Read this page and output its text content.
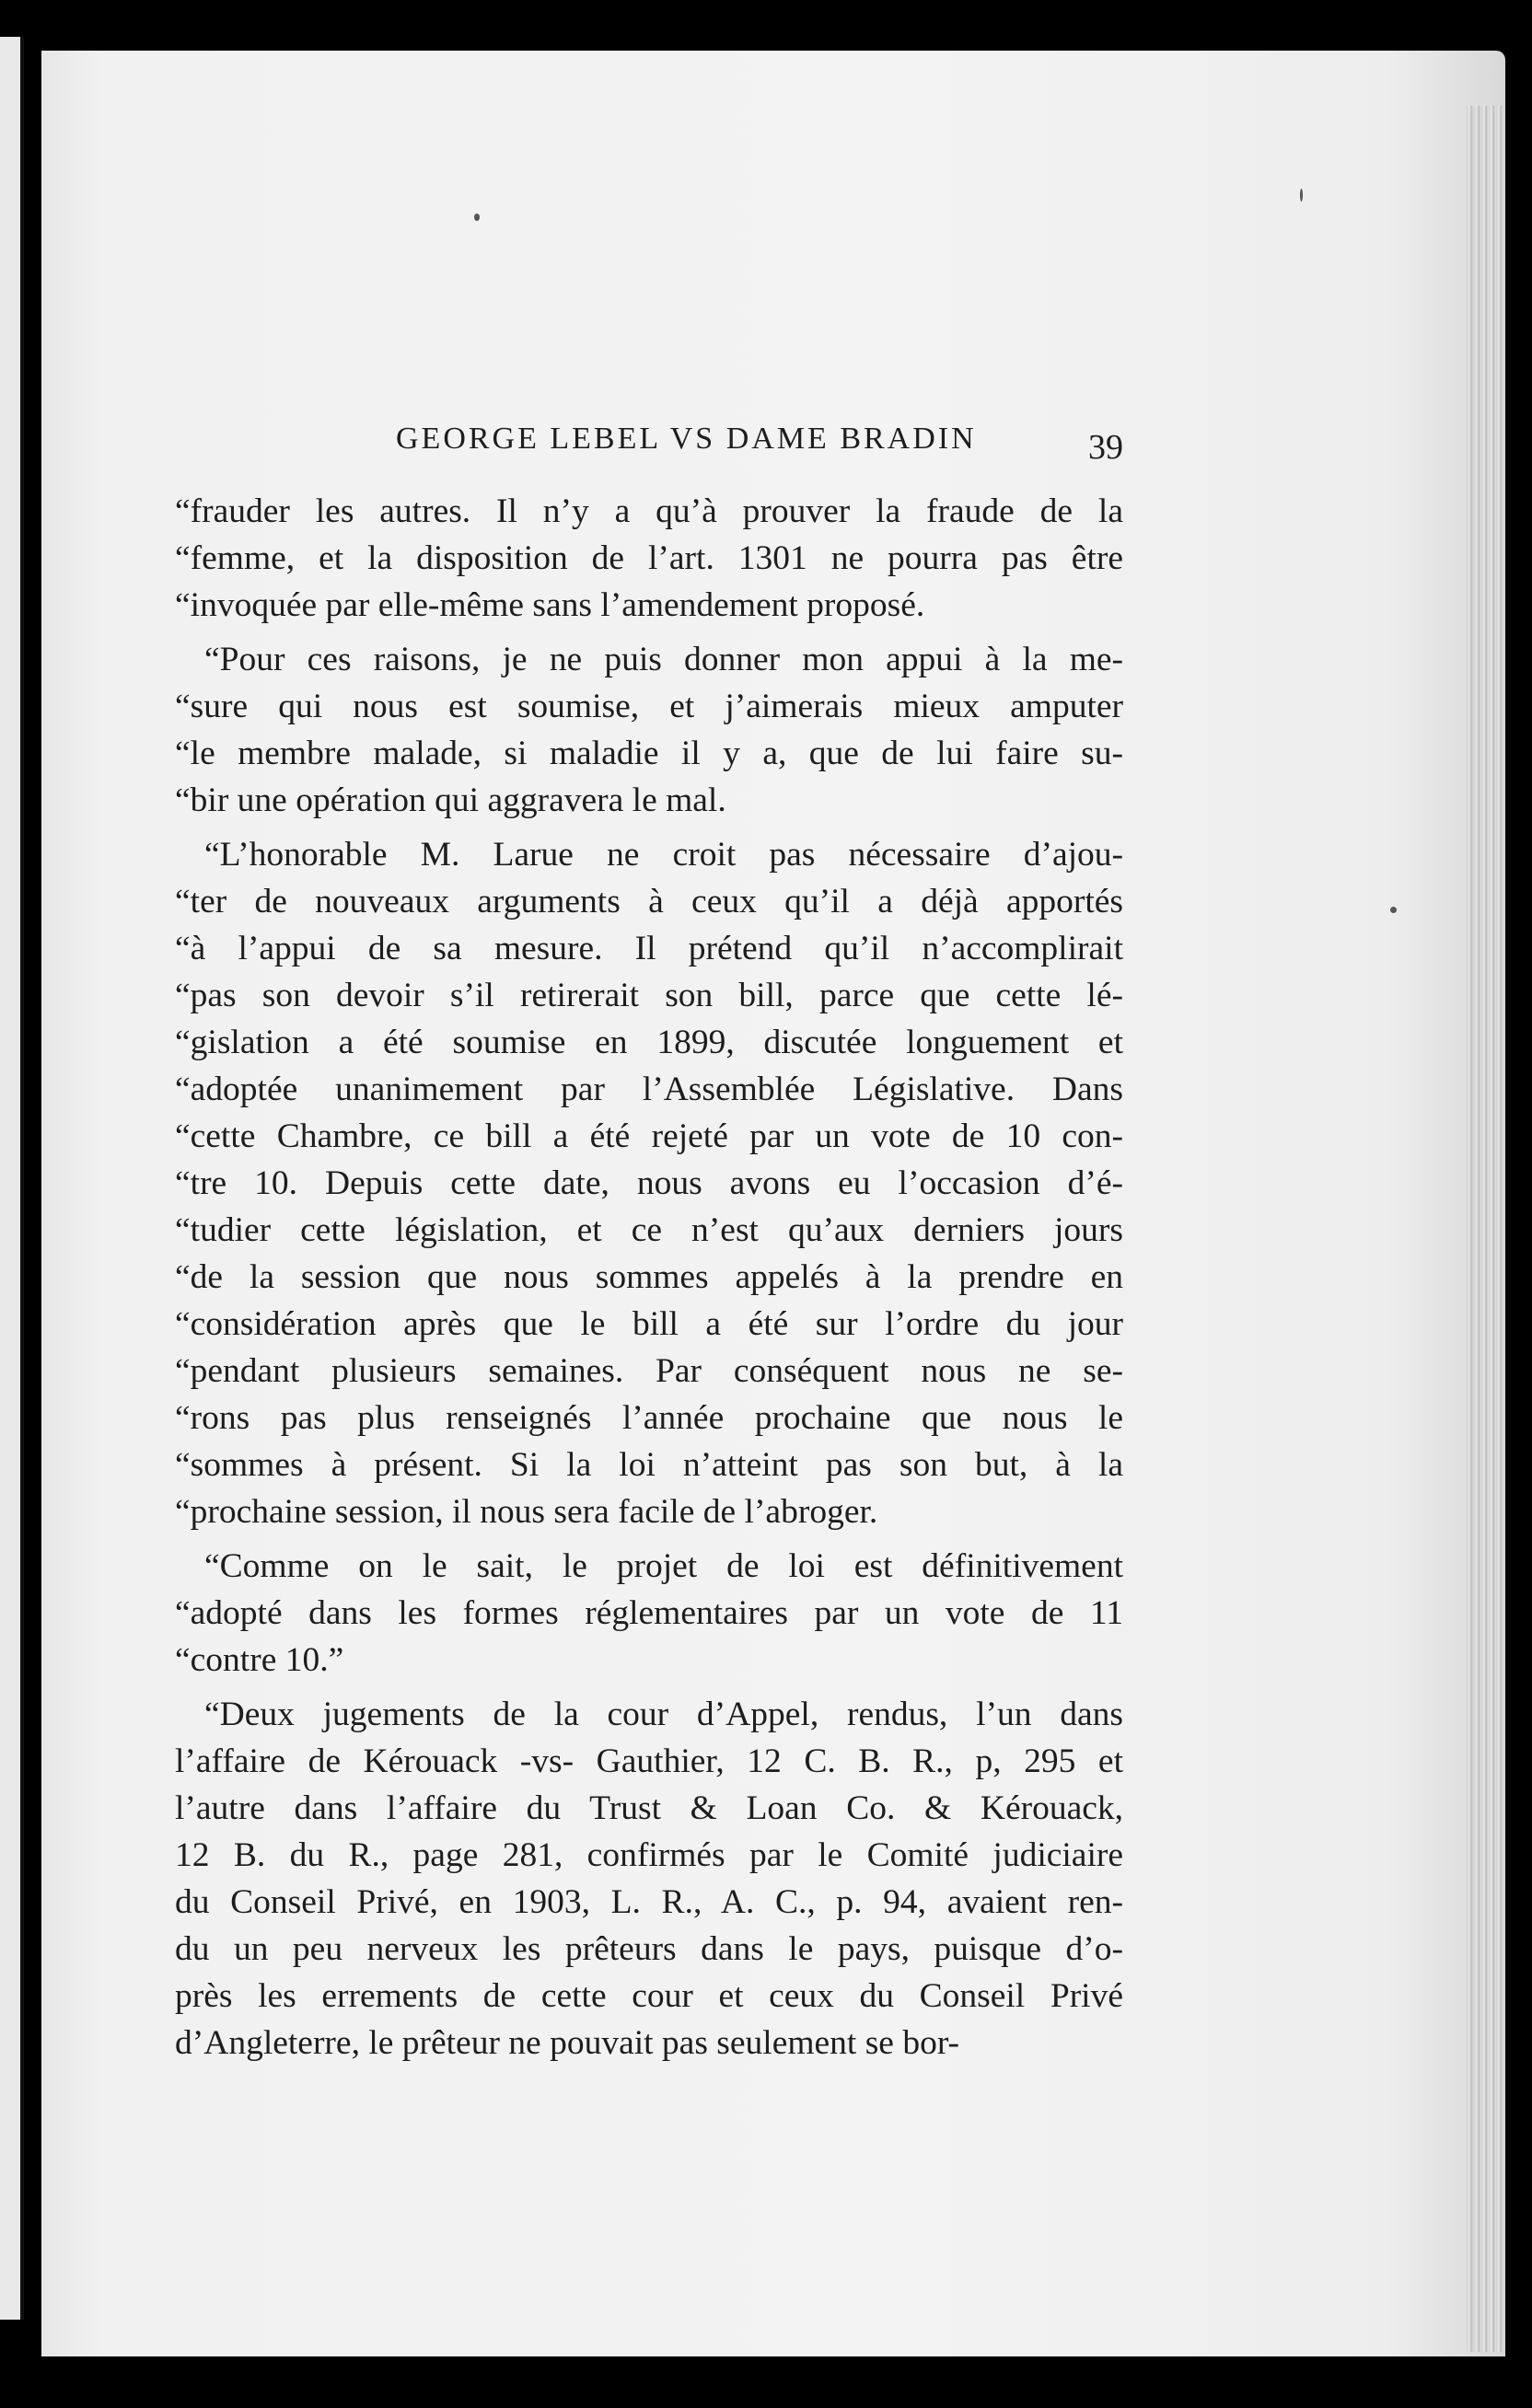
GEORGE LEBEL VS DAME BRADIN	39

“frauder les autres. Il n’y a qu’à prouver la fraude de la
“femme, et la disposition de l’art. 1301 ne pourra pas être
“invoquée par elle-même sans l’amendement proposé.

“Pour ces raisons, je ne puis donner mon appui à la me-
“sure qui nous est soumise, et j’aimerais mieux amputer
“le membre malade, si maladie il y a, que de lui faire su-
“bir une opération qui aggravera le mal.

“L’honorable M. Larue ne croit pas nécessaire d’ajou-
“ter de nouveaux arguments à ceux qu’il a déjà apportés
“à l’appui de sa mesure. Il prétend qu’il n’accomplirait
“pas son devoir s’il retirerait son bill, parce que cette lé-
“gislation a été soumise en 1899, discutée longuement et
“adoptée unanimement par l’Assemblée Législative. Dans
“cette Chambre, ce bill a été rejeté par un vote de 10 con-
“tre 10. Depuis cette date, nous avons eu l’occasion d’é-
“tudier cette législation, et ce n’est qu’aux derniers jours
“de la session que nous sommes appelés à la prendre en
“considération après que le bill a été sur l’ordre du jour
“pendant plusieurs semaines. Par conséquent nous ne se-
“rons pas plus renseignés l’année prochaine que nous le
“sommes à présent. Si la loi n’atteint pas son but, à la
“prochaine session, il nous sera facile de l’abroger.

“Comme on le sait, le projet de loi est définitivement
“adopté dans les formes réglementaires par un vote de 11
“contre 10.”

“Deux jugements de la cour d’Appel, rendus, l’un dans
l’affaire de Kérouack -vs- Gauthier, 12 C. B. R., p, 295 et
l’autre dans l’affaire du Trust & Loan Co. & Kérouack,
12 B. du R., page 281, confirmés par le Comité judiciaire
du Conseil Privé, en 1903, L. R., A. C., p. 94, avaient ren-
du un peu nerveux les prêteurs dans le pays, puisque d’o-
près les errements de cette cour et ceux du Conseil Privé
d’Angleterre, le prêteur ne pouvait pas seulement se bor-
